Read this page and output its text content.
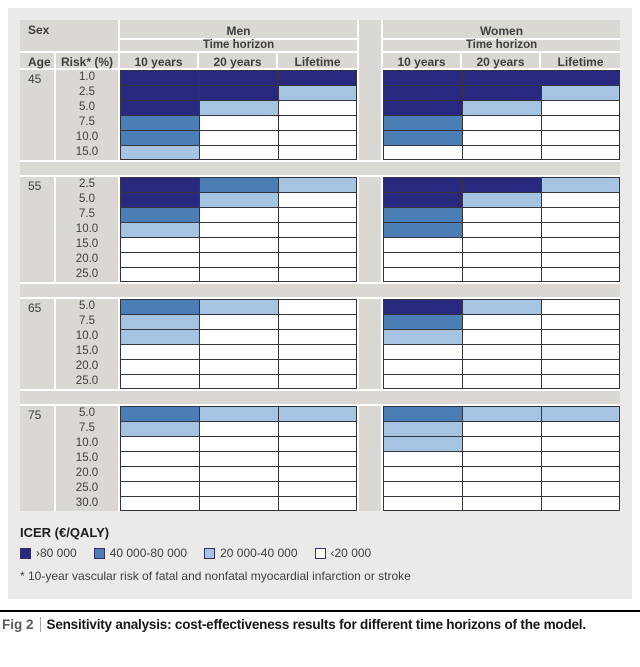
Sex	Men	Women
Time horizon	Time horizon
Age Risk* (%)	10 years	20 years	Lifetime	10 years	20 years	Lifetime
45	1.0
2.5
5.0
7.5
10.0
15.0
55	2.5
5.0
7.5
10.0
15.0
20.0
25.0
65	5.0
7.5
10.0
15.0
20.0
25.0
75	5.0
7.5
10.0
15.0
20.0
25.0
30.0
ICER (€/QALY)
›80 000	40 000-80 000	20 000-40 000	‹20 000
* 10-year vascular risk of fatal and nonfatal myocardial infarction or stroke
Fig 2 Sensitivity analysis: cost-effectiveness results for different time horizons of the model.
